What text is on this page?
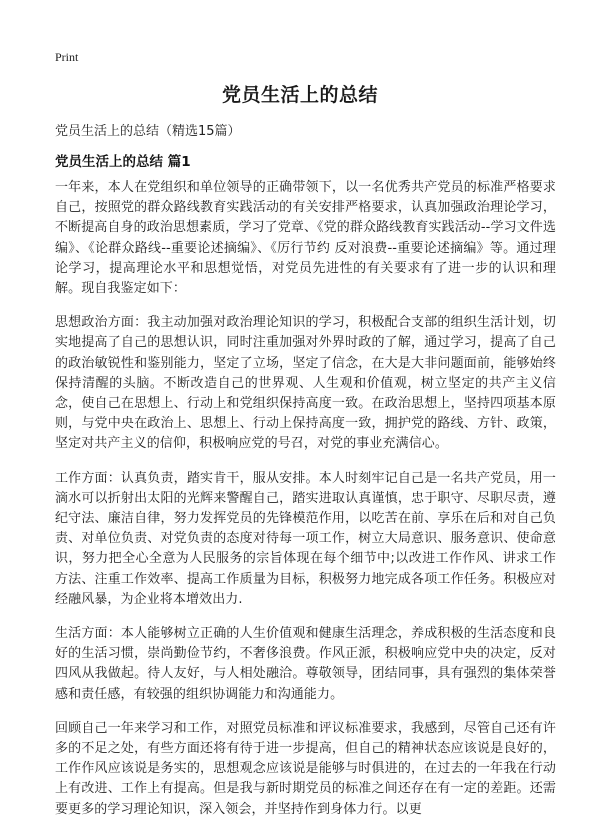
Print
党员生活上的总结
党员生活上的总结（精选15篇）
党员生活上的总结 篇1

一年来，本人在党组织和单位领导的正确带领下，以一名优秀共产党员的标准严格要求自己，按照党的群众路线教育实践活动的有关安排严格要求，认真加强政治理论学习，不断提高自身的政治思想素质，学习了党章、《党的群众路线教育实践活动--学习文件选编》、《论群众路线--重要论述摘编》、《厉行节约 反对浪费--重要论述摘编》等。通过理论学习，提高理论水平和思想觉悟，对党员先进性的有关要求有了进一步的认识和理解。现自我鉴定如下：

思想政治方面：我主动加强对政治理论知识的学习，积极配合支部的组织生活计划，切实地提高了自己的思想认识，同时注重加强对外界时政的了解，通过学习，提高了自己的政治敏锐性和鉴别能力，坚定了立场，坚定了信念，在大是大非问题面前，能够始终保持清醒的头脑。不断改造自己的世界观、人生观和价值观，树立坚定的共产主义信念，使自己在思想上、行动上和党组织保持高度一致。在政治思想上，坚持四项基本原则，与党中央在政治上、思想上、行动上保持高度一致，拥护党的路线、方针、政策，坚定对共产主义的信仰，积极响应党的号召，对党的事业充满信心。

工作方面：认真负责，踏实肯干，服从安排。本人时刻牢记自己是一名共产党员，用一滴水可以折射出太阳的光辉来警醒自己，踏实进取认真谨慎，忠于职守、尽职尽责，遵纪守法、廉洁自律，努力发挥党员的先锋模范作用，以吃苦在前、享乐在后和对自己负责、对单位负责、对党负责的态度对待每一项工作，树立大局意识、服务意识、使命意识，努力把全心全意为人民服务的宗旨体现在每个细节中;以改进工作作风、讲求工作方法、注重工作效率、提高工作质量为目标，积极努力地完成各项工作任务。积极应对经融风暴，为企业将本增效出力.

生活方面：本人能够树立正确的人生价值观和健康生活理念，养成积极的生活态度和良好的生活习惯，崇尚勤俭节约，不奢侈浪费。作风正派，积极响应党中央的决定，反对四风从我做起。待人友好，与人相处融洽。尊敬领导，团结同事，具有强烈的集体荣誉感和责任感，有较强的组织协调能力和沟通能力。

回顾自己一年来学习和工作，对照党员标准和评议标准要求，我感到，尽管自己还有许多的不足之处，有些方面还将有待于进一步提高，但自己的精神状态应该说是良好的，工作作风应该说是务实的，思想观念应该说是能够与时俱进的，在过去的一年我在行动上有改进、工作上有提高。但是我与新时期党员的标准之间还存在有一定的差距。还需要更多的学习理论知识，深入领会，并坚持作到身体力行。以更
